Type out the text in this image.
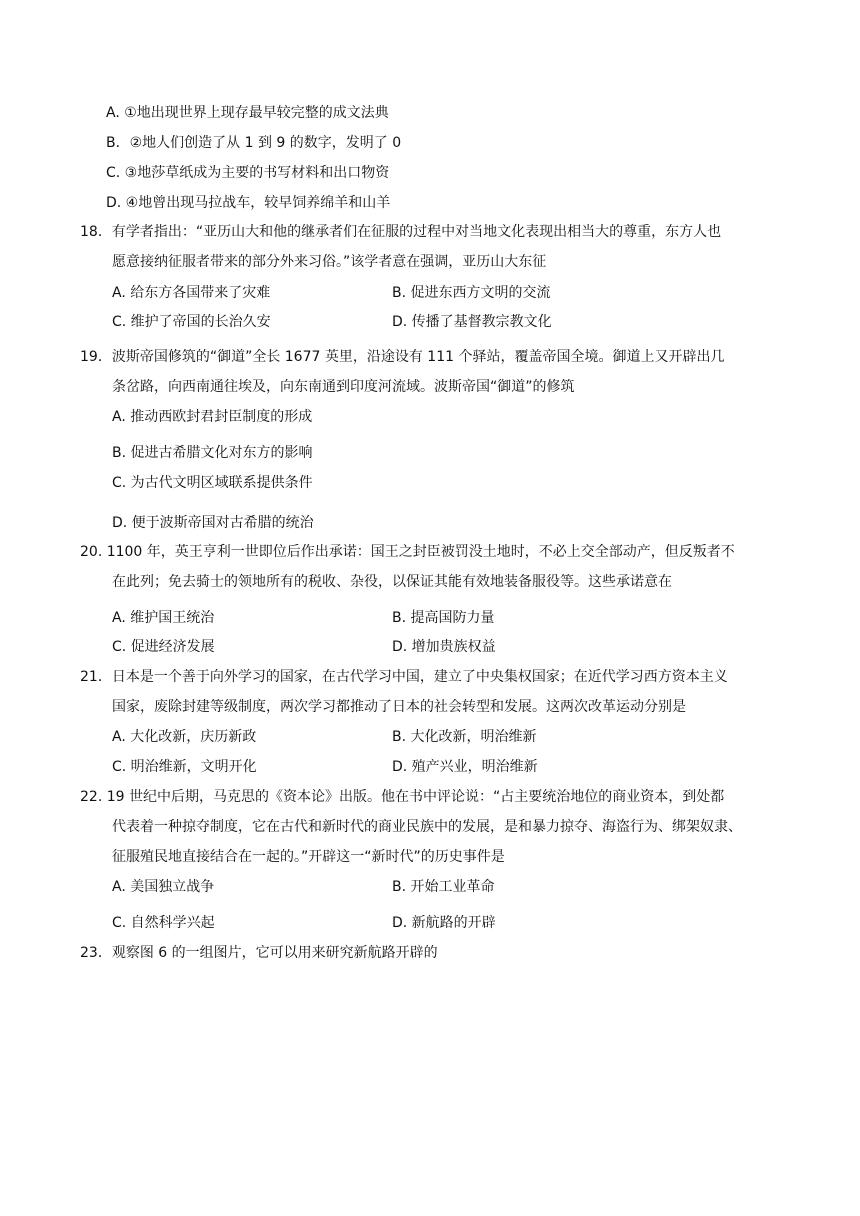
A. ①地出现世界上现存最早较完整的成文法典
B．②地人们创造了从 1 到 9 的数字，发明了 0
C. ③地莎草纸成为主要的书写材料和出口物资
D. ④地曾出现马拉战车，较早饲养绵羊和山羊
18．有学者指出：“亚历山大和他的继承者们在征服的过程中对当地文化表现出相当大的尊重，东方人也
愿意接纳征服者带来的部分外来习俗。”该学者意在强调，亚历山大东征
A. 给东方各国带来了灾难	B. 促进东西方文明的交流
C. 维护了帝国的长治久安	D. 传播了基督教宗教文化
19．波斯帝国修筑的“御道”全长 1677 英里，沿途设有 111 个驿站，覆盖帝国全境。御道上又开辟出几
条岔路，向西南通往埃及，向东南通到印度河流域。波斯帝国“御道”的修筑
A. 推动西欧封君封臣制度的形成
B. 促进古希腊文化对东方的影响
C. 为古代文明区域联系提供条件
D. 便于波斯帝国对古希腊的统治
20. 1100 年，英王亨利一世即位后作出承诺：国王之封臣被罚没土地时，不必上交全部动产，但反叛者不
在此列；免去骑士的领地所有的税收、杂役，以保证其能有效地装备服役等。这些承诺意在
A. 维护国王统治	B. 提高国防力量
C. 促进经济发展	D. 增加贵族权益
21．日本是一个善于向外学习的国家，在古代学习中国，建立了中央集权国家；在近代学习西方资本主义
国家，废除封建等级制度，两次学习都推动了日本的社会转型和发展。这两次改革运动分别是
A. 大化改新，庆历新政	B. 大化改新，明治维新
C. 明治维新，文明开化	D. 殖产兴业，明治维新
22. 19 世纪中后期，马克思的《资本论》出版。他在书中评论说：“占主要统治地位的商业资本，到处都
代表着一种掠夺制度，它在古代和新时代的商业民族中的发展，是和暴力掠夺、海盗行为、绑架奴隶、
征服殖民地直接结合在一起的。”开辟这一“新时代”的历史事件是
A. 美国独立战争	B. 开始工业革命
C. 自然科学兴起	D. 新航路的开辟
23．观察图 6 的一组图片，它可以用来研究新航路开辟的
